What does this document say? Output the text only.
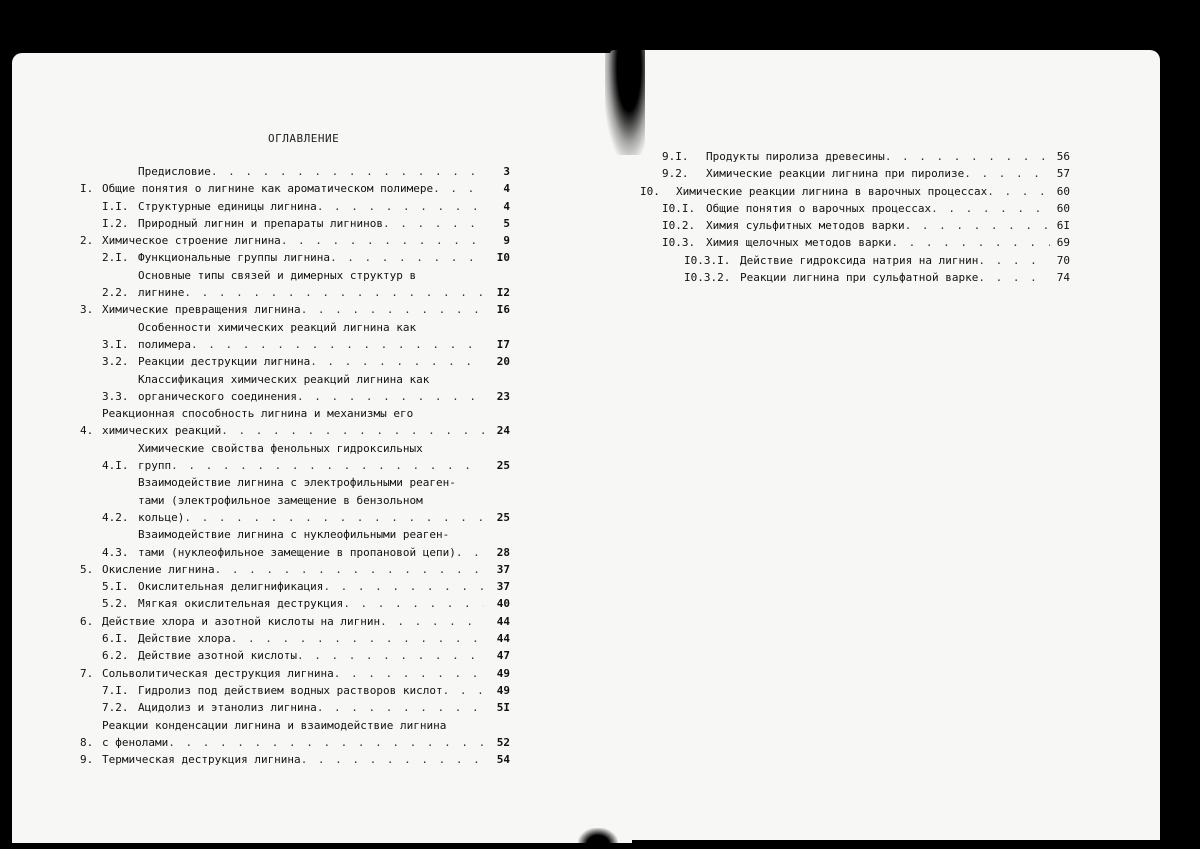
ОГЛАВЛЕНИЕ
Предисловие . . .	3
I. Общие понятия о лигнине как ароматическом полимере . . .	4
I.I. Структурные единицы лигнина . . .	4
I.2. Природный лигнин и препараты лигнинов . . .	5
2. Химическое строение лигнина . . .	9
2.I. Функциональные группы лигнина . . .	I0
2.2.
Основные типы связей и димерных структур в
лигнине . . .	I2
3. Химические превращения лигнина . . .	I6
3.I.
Особенности химических реакций лигнина как
полимера . . .	I7
3.2. Реакции деструкции лигнина . . .	20
3.3.
Классификация химических реакций лигнина как
органического соединения . . .	23
4.
Реакционная способность лигнина и механизмы его
химических реакций . . .	24
4.I.
Химические свойства фенольных гидроксильных
групп . . .	25
4.2.
Взаимодействие лигнина с электрофильными реаген-
тами (электрофильное замещение в бензольном
кольце) . . .	25
4.3.
Взаимодействие лигнина с нуклеофильными реаген-
тами (нуклеофильное замещение в пропановой цепи) . . .	28
5. Окисление лигнина . . .	37
5.I. Окислительная делигнификация . . .	37
5.2. Мягкая окислительная деструкция . . .	40
6. Действие хлора и азотной кислоты на лигнин . . .	44
6.I. Действие хлора . . .	44
6.2. Действие азотной кислоты . . .	47
7. Сольволитическая деструкция лигнина . . .	49
7.I. Гидролиз под действием водных растворов кислот . . .	49
7.2. Ацидолиз и этанолиз лигнина . . .	5I
8.
Реакции конденсации лигнина и взаимодействие лигнина
с фенолами . . .	52
9. Термическая деструкция лигнина . . .	54
9.I.	Продукты пиролиза древесины . . .	56
9.2.	Химические реакции лигнина при пиролизе . . .	57
I0.	Химические реакции лигнина в варочных процессах . . .	60
I0.I. Общие понятия о варочных процессах . . .	60
I0.2. Химия сульфитных методов варки . . .	6I
I0.3. Химия щелочных методов варки . . .	69
I0.3.I. Действие гидроксида натрия на лигнин . . .	70
I0.3.2. Реакции лигнина при сульфатной варке . . .	74
